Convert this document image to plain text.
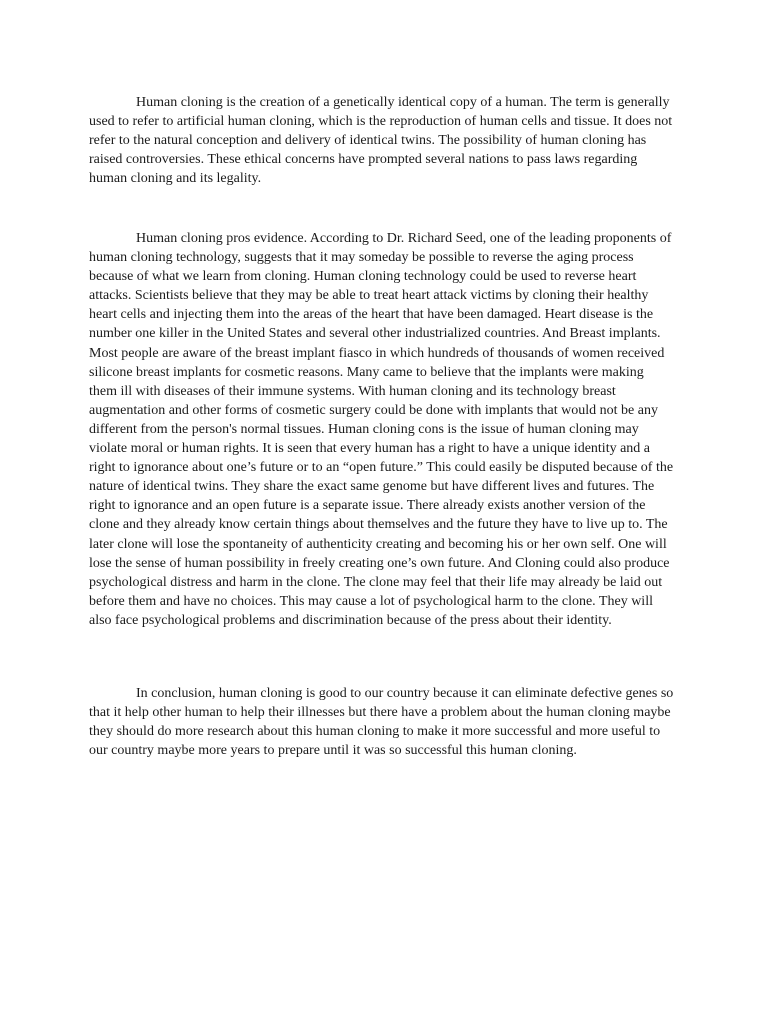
Human cloning is the creation of a genetically identical copy of a human. The term is generally used to refer to artificial human cloning, which is the reproduction of human cells and tissue. It does not refer to the natural conception and delivery of identical twins. The possibility of human cloning has raised controversies. These ethical concerns have prompted several nations to pass laws regarding human cloning and its legality.

Human cloning pros evidence. According to Dr. Richard Seed, one of the leading proponents of human cloning technology, suggests that it may someday be possible to reverse the aging process because of what we learn from cloning. Human cloning technology could be used to reverse heart attacks. Scientists believe that they may be able to treat heart attack victims by cloning their healthy heart cells and injecting them into the areas of the heart that have been damaged. Heart disease is the number one killer in the United States and several other industrialized countries. And Breast implants. Most people are aware of the breast implant fiasco in which hundreds of thousands of women received silicone breast implants for cosmetic reasons. Many came to believe that the implants were making them ill with diseases of their immune systems. With human cloning and its technology breast augmentation and other forms of cosmetic surgery could be done with implants that would not be any different from the person's normal tissues. Human cloning cons is the issue of human cloning may violate moral or human rights. It is seen that every human has a right to have a unique identity and a right to ignorance about one’s future or to an “open future.” This could easily be disputed because of the nature of identical twins. They share the exact same genome but have different lives and futures. The right to ignorance and an open future is a separate issue. There already exists another version of the clone and they already know certain things about themselves and the future they have to live up to. The later clone will lose the spontaneity of authenticity creating and becoming his or her own self. One will lose the sense of human possibility in freely creating one’s own future. And Cloning could also produce psychological distress and harm in the clone. The clone may feel that their life may already be laid out before them and have no choices. This may cause a lot of psychological harm to the clone. They will also face psychological problems and discrimination because of the press about their identity.

In conclusion, human cloning is good to our country because it can eliminate defective genes so that it help other human to help their illnesses but there have a problem about the human cloning maybe they should do more research about this human cloning to make it more successful and more useful to our country maybe more years to prepare until it was so successful this human cloning.
